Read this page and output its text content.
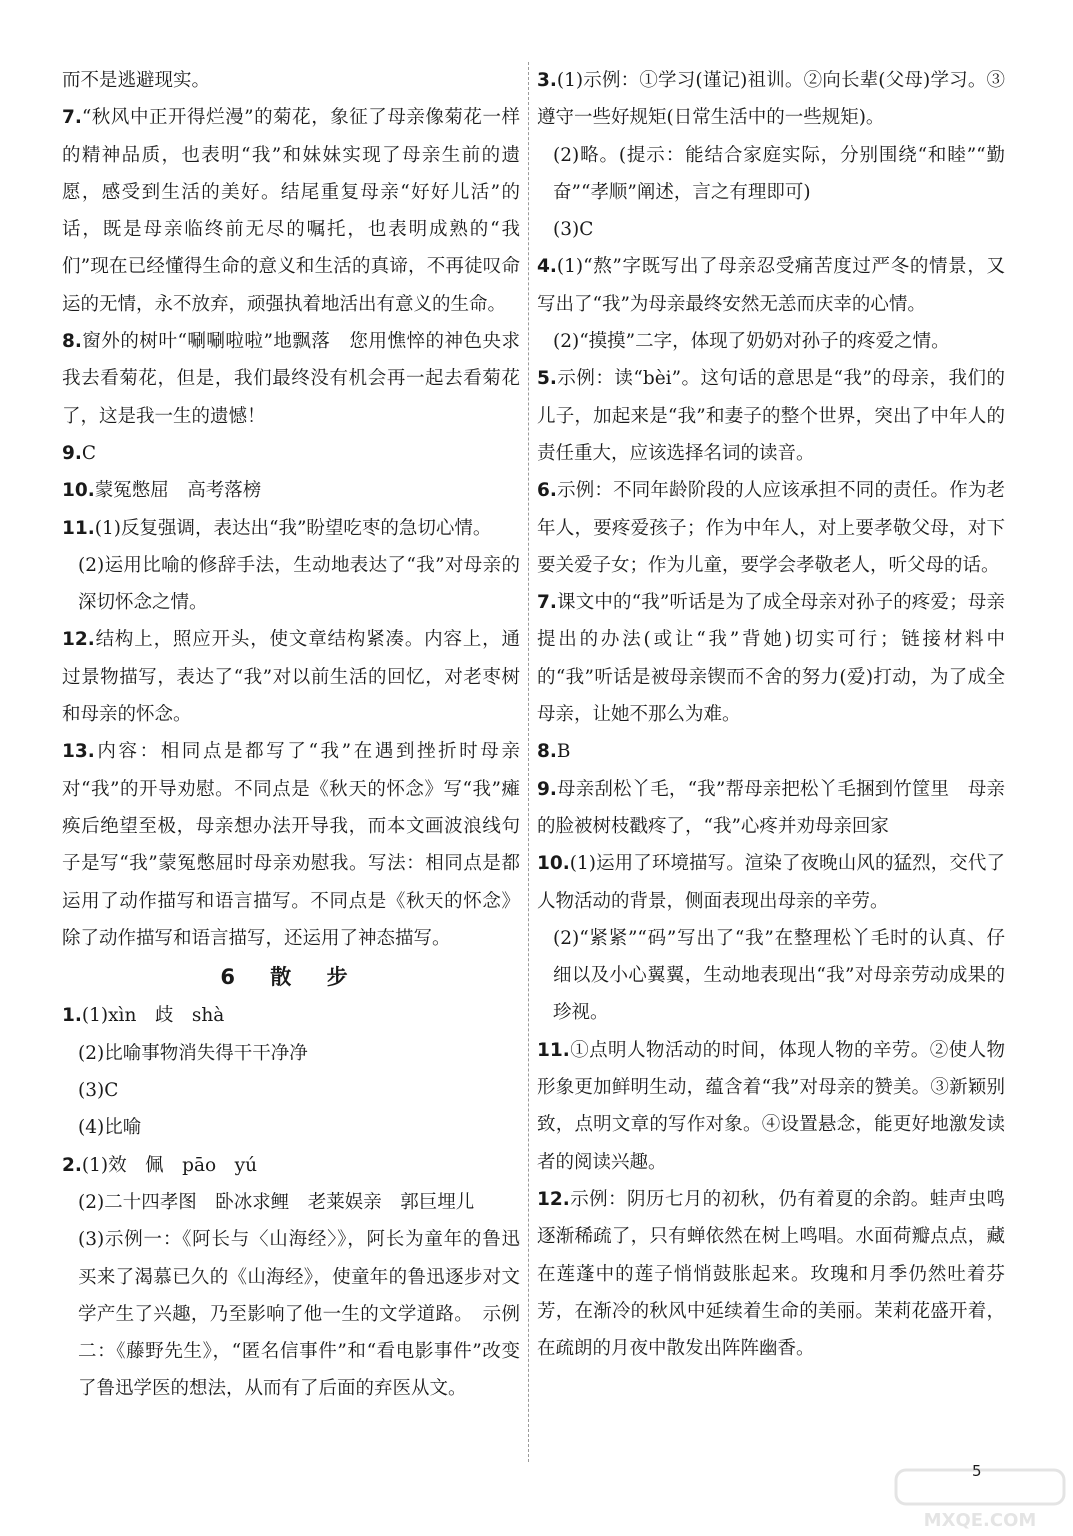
而不是逃避现实。

7.“秋风中正开得烂漫”的菊花，象征了母亲像菊花一样的精神品质，也表明“我”和妹妹实现了母亲生前的遗愿，感受到生活的美好。结尾重复母亲“好好儿活”的话，既是母亲临终前无尽的嘱托，也表明成熟的“我们”现在已经懂得生命的意义和生活的真谛，不再徒叹命运的无情，永不放弃，顽强执着地活出有意义的生命。

8.窗外的树叶“唰唰啦啦”地飘落　您用憔悴的神色央求我去看菊花，但是，我们最终没有机会再一起去看菊花了，这是我一生的遗憾！

9.C

10.蒙冤憋屈　高考落榜

11.(1)反复强调，表达出“我”盼望吃枣的急切心情。

(2)运用比喻的修辞手法，生动地表达了“我”对母亲的深切怀念之情。

12.结构上，照应开头，使文章结构紧凑。内容上，通过景物描写，表达了“我”对以前生活的回忆，对老枣树和母亲的怀念。

13.内容：相同点是都写了“我”在遇到挫折时母亲对“我”的开导劝慰。不同点是《秋天的怀念》写“我”瘫痪后绝望至极，母亲想办法开导我，而本文画波浪线句子是写“我”蒙冤憋屈时母亲劝慰我。写法：相同点是都运用了动作描写和语言描写。不同点是《秋天的怀念》除了动作描写和语言描写，还运用了神态描写。

6 散 步

1.(1)xìn　歧　shà

(2)比喻事物消失得干干净净

(3)C

(4)比喻

2.(1)效　佩　pāo　yú

(2)二十四孝图　卧冰求鲤　老莱娱亲　郭巨埋儿

(3)示例一：《阿长与〈山海经〉》，阿长为童年的鲁迅买来了渴慕已久的《山海经》，使童年的鲁迅逐步对文学产生了兴趣，乃至影响了他一生的文学道路。　示例二：《藤野先生》，“匿名信事件”和“看电影事件”改变了鲁迅学医的想法，从而有了后面的弃医从文。

3.(1)示例：①学习(谨记)祖训。②向长辈(父母)学习。③遵守一些好规矩(日常生活中的一些规矩)。

(2)略。(提示：能结合家庭实际，分别围绕“和睦”“勤奋”“孝顺”阐述，言之有理即可)

(3)C

4.(1)“熬”字既写出了母亲忍受痛苦度过严冬的情景，又写出了“我”为母亲最终安然无恙而庆幸的心情。

(2)“摸摸”二字，体现了奶奶对孙子的疼爱之情。

5.示例：读“bèi”。这句话的意思是“我”的母亲，我们的儿子，加起来是“我”和妻子的整个世界，突出了中年人的责任重大，应该选择名词的读音。

6.示例：不同年龄阶段的人应该承担不同的责任。作为老年人，要疼爱孩子；作为中年人，对上要孝敬父母，对下要关爱子女；作为儿童，要学会孝敬老人，听父母的话。

7.课文中的“我”听话是为了成全母亲对孙子的疼爱；母亲提出的办法(或让“我”背她)切实可行；链接材料中的“我”听话是被母亲锲而不舍的努力(爱)打动，为了成全母亲，让她不那么为难。

8.B

9.母亲刮松丫毛，“我”帮母亲把松丫毛捆到竹筐里　母亲的脸被树枝戳疼了，“我”心疼并劝母亲回家

10.(1)运用了环境描写。渲染了夜晚山风的猛烈，交代了人物活动的背景，侧面表现出母亲的辛劳。

(2)“紧紧”“码”写出了“我”在整理松丫毛时的认真、仔细以及小心翼翼，生动地表现出“我”对母亲劳动成果的珍视。

11.①点明人物活动的时间，体现人物的辛劳。②使人物形象更加鲜明生动，蕴含着“我”对母亲的赞美。③新颖别致，点明文章的写作对象。④设置悬念，能更好地激发读者的阅读兴趣。

12.示例：阴历七月的初秋，仍有着夏的余韵。蛙声虫鸣逐渐稀疏了，只有蝉依然在树上鸣唱。水面荷瓣点点，藏在莲蓬中的莲子悄悄鼓胀起来。玫瑰和月季仍然吐着芬芳，在渐冷的秋风中延续着生命的美丽。茉莉花盛开着，在疏朗的月夜中散发出阵阵幽香。

5
MXQE.COM
